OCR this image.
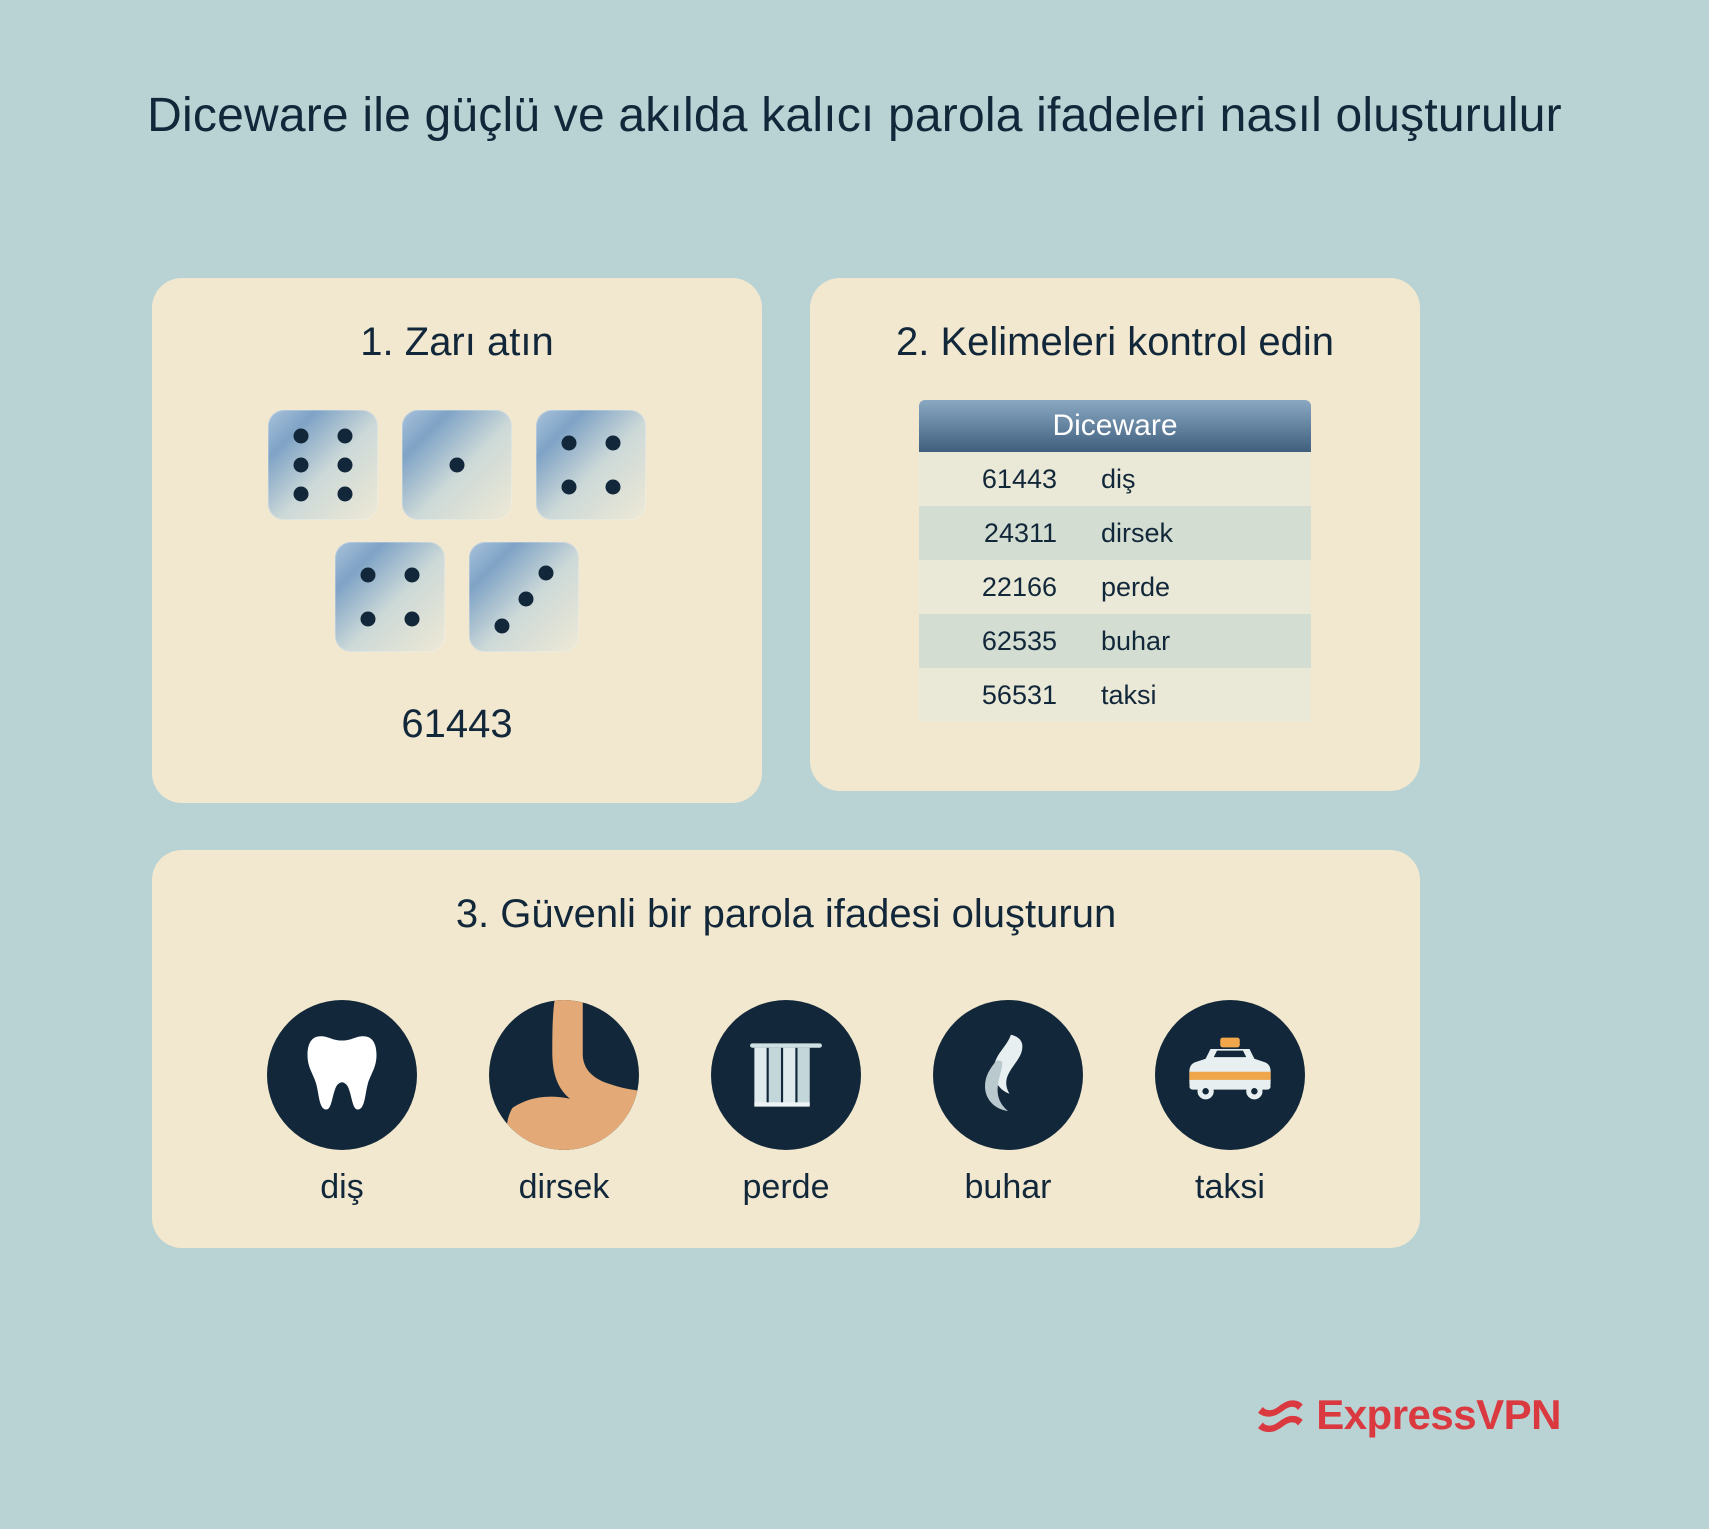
Diceware ile güçlü ve akılda kalıcı parola ifadeleri nasıl oluşturulur
1. Zarı atın
61443
2. Kelimeleri kontrol edin
Diceware
61443	diş
24311	dirsek
22166	perde
62535	buhar
56531	taksi
3. Güvenli bir parola ifadesi oluşturun
diş	dirsek	perde	buhar	taksi
ExpressVPN
